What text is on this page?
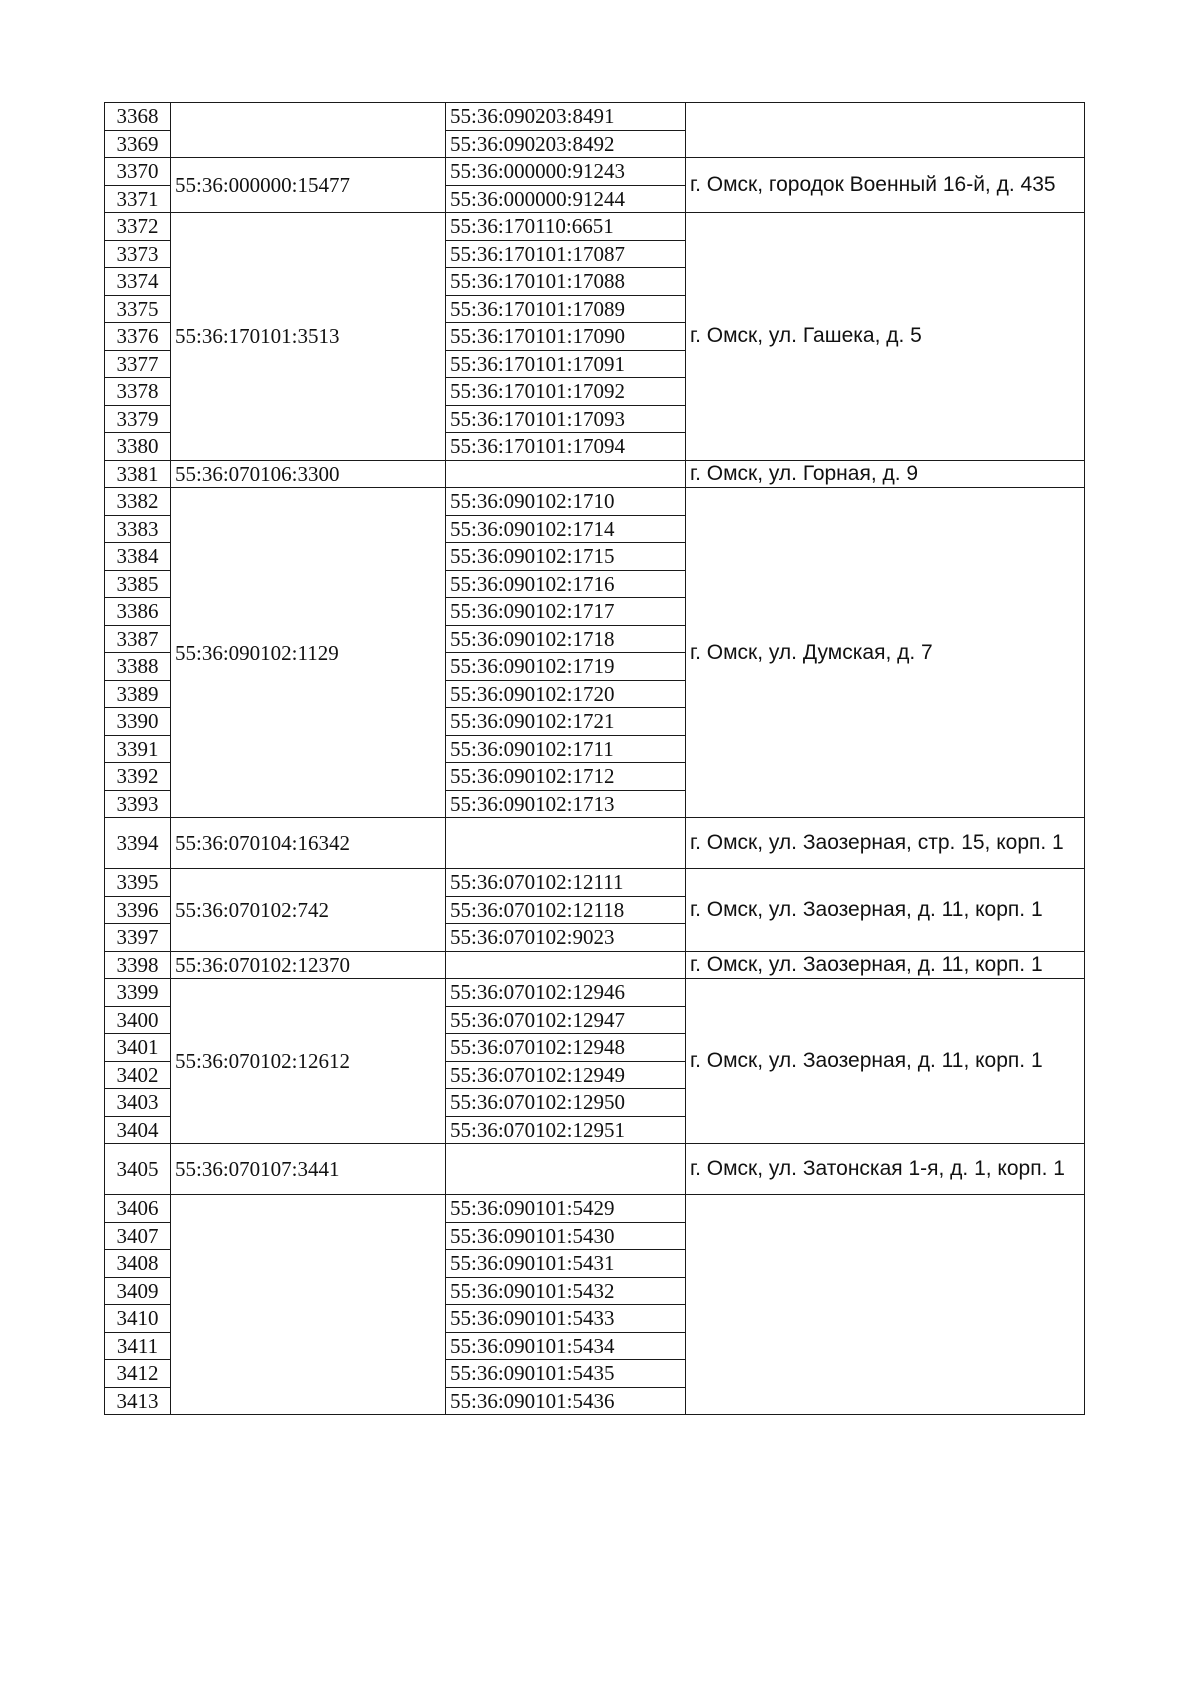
3368		55:36:090203:8491	
3369		55:36:090203:8492	
3370	55:36:000000:15477	55:36:000000:91243	г. Омск, городок Военный 16-й, д. 435
3371		55:36:000000:91244	
3372	55:36:170101:3513	55:36:170110:6651	г. Омск, ул. Гашека, д. 5
3373		55:36:170101:17087	
3374		55:36:170101:17088	
3375		55:36:170101:17089	
3376		55:36:170101:17090	
3377		55:36:170101:17091	
3378		55:36:170101:17092	
3379		55:36:170101:17093	
3380		55:36:170101:17094	
3381	55:36:070106:3300		г. Омск, ул. Горная, д. 9
3382	55:36:090102:1129	55:36:090102:1710	г. Омск, ул. Думская, д. 7
3383		55:36:090102:1714	
3384		55:36:090102:1715	
3385		55:36:090102:1716	
3386		55:36:090102:1717	
3387		55:36:090102:1718	
3388		55:36:090102:1719	
3389		55:36:090102:1720	
3390		55:36:090102:1721	
3391		55:36:090102:1711	
3392		55:36:090102:1712	
3393		55:36:090102:1713	
3394	55:36:070104:16342		г. Омск, ул. Заозерная, стр. 15, корп. 1
3395	55:36:070102:742	55:36:070102:12111	г. Омск, ул. Заозерная, д. 11, корп. 1
3396		55:36:070102:12118	
3397		55:36:070102:9023	
3398	55:36:070102:12370		г. Омск, ул. Заозерная, д. 11, корп. 1
3399	55:36:070102:12612	55:36:070102:12946	г. Омск, ул. Заозерная, д. 11, корп. 1
3400		55:36:070102:12947	
3401		55:36:070102:12948	
3402		55:36:070102:12949	
3403		55:36:070102:12950	
3404		55:36:070102:12951	
3405	55:36:070107:3441		г. Омск, ул. Затонская 1-я, д. 1, корп. 1
3406		55:36:090101:5429	
3407		55:36:090101:5430	
3408		55:36:090101:5431	
3409		55:36:090101:5432	
3410		55:36:090101:5433	
3411		55:36:090101:5434	
3412		55:36:090101:5435	
3413		55:36:090101:5436	
